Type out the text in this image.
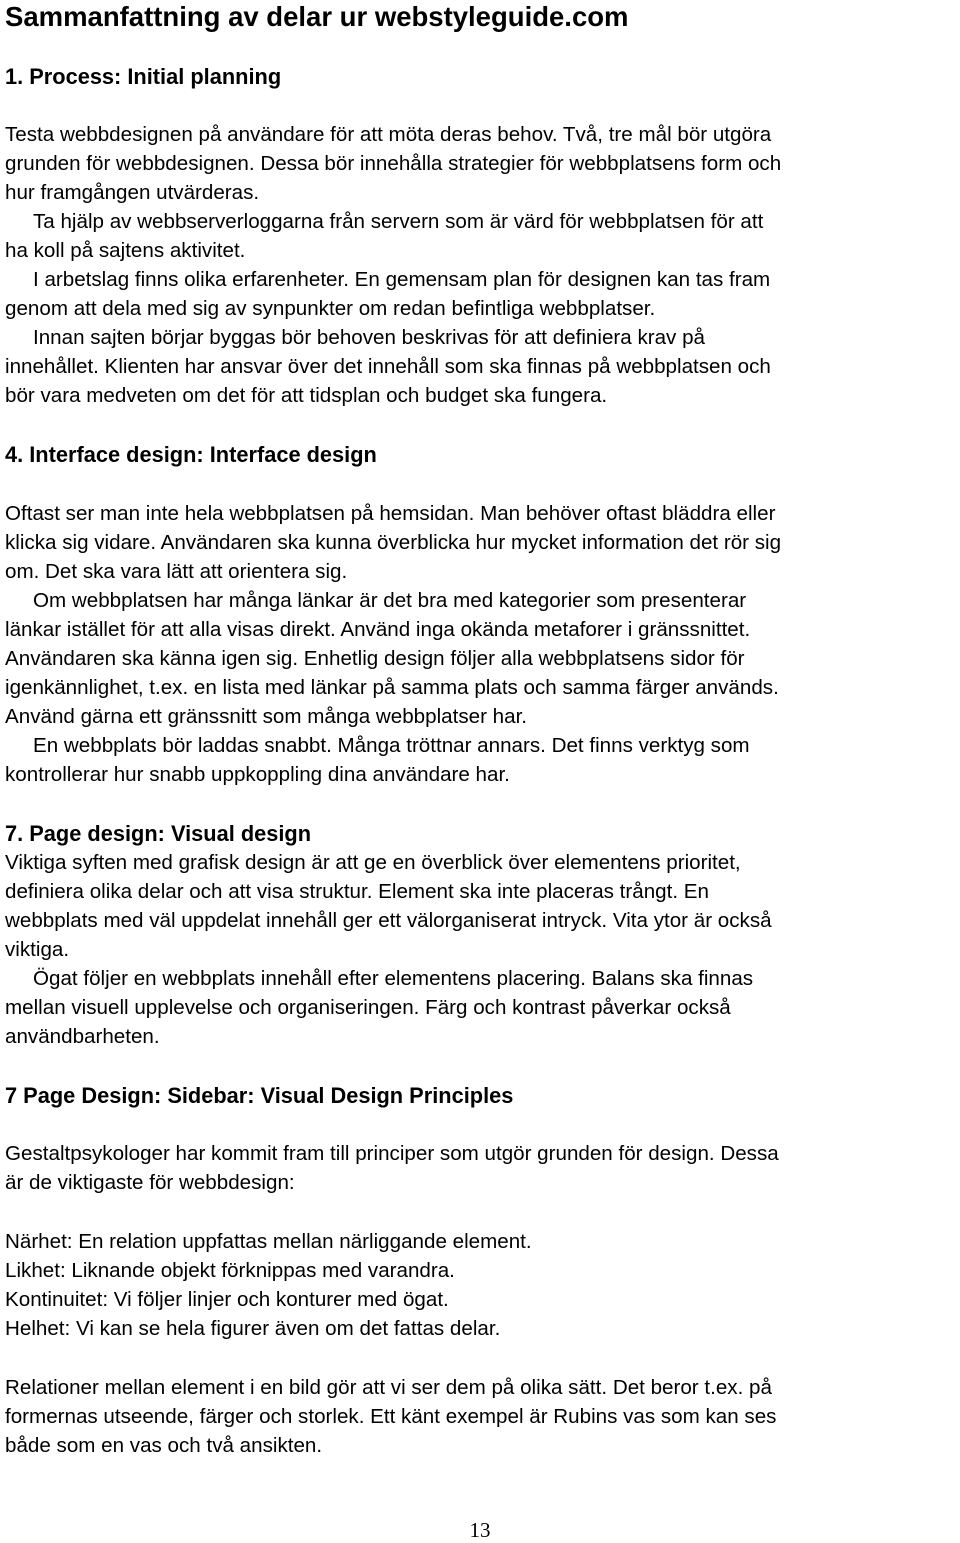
Sammanfattning av delar ur webstyleguide.com
1. Process: Initial planning
Testa webbdesignen på användare för att möta deras behov. Två, tre mål bör utgöra
grunden för webbdesignen. Dessa bör innehålla strategier för webbplatsens form och
hur framgången utvärderas.
Ta hjälp av webbserverloggarna från servern som är värd för webbplatsen för att
ha koll på sajtens aktivitet.
I arbetslag finns olika erfarenheter. En gemensam plan för designen kan tas fram
genom att dela med sig av synpunkter om redan befintliga webbplatser.
Innan sajten börjar byggas bör behoven beskrivas för att definiera krav på
innehållet. Klienten har ansvar över det innehåll som ska finnas på webbplatsen och
bör vara medveten om det för att tidsplan och budget ska fungera.
4. Interface design: Interface design
Oftast ser man inte hela webbplatsen på hemsidan. Man behöver oftast bläddra eller
klicka sig vidare. Användaren ska kunna överblicka hur mycket information det rör sig
om. Det ska vara lätt att orientera sig.
Om webbplatsen har många länkar är det bra med kategorier som presenterar
länkar istället för att alla visas direkt. Använd inga okända metaforer i gränssnittet.
Användaren ska känna igen sig. Enhetlig design följer alla webbplatsens sidor för
igenkännlighet, t.ex. en lista med länkar på samma plats och samma färger används.
Använd gärna ett gränssnitt som många webbplatser har.
En webbplats bör laddas snabbt. Många tröttnar annars. Det finns verktyg som
kontrollerar hur snabb uppkoppling dina användare har.
7. Page design: Visual design
Viktiga syften med grafisk design är att ge en överblick över elementens prioritet,
definiera olika delar och att visa struktur. Element ska inte placeras trångt. En
webbplats med väl uppdelat innehåll ger ett välorganiserat intryck. Vita ytor är också
viktiga.
Ögat följer en webbplats innehåll efter elementens placering. Balans ska finnas
mellan visuell upplevelse och organiseringen. Färg och kontrast påverkar också
användbarheten.
7 Page Design: Sidebar: Visual Design Principles
Gestaltpsykologer har kommit fram till principer som utgör grunden för design. Dessa
är de viktigaste för webbdesign:
Närhet: En relation uppfattas mellan närliggande element.
Likhet: Liknande objekt förknippas med varandra.
Kontinuitet: Vi följer linjer och konturer med ögat.
Helhet: Vi kan se hela figurer även om det fattas delar.
Relationer mellan element i en bild gör att vi ser dem på olika sätt. Det beror t.ex. på
formernas utseende, färger och storlek. Ett känt exempel är Rubins vas som kan ses
både som en vas och två ansikten.
13
